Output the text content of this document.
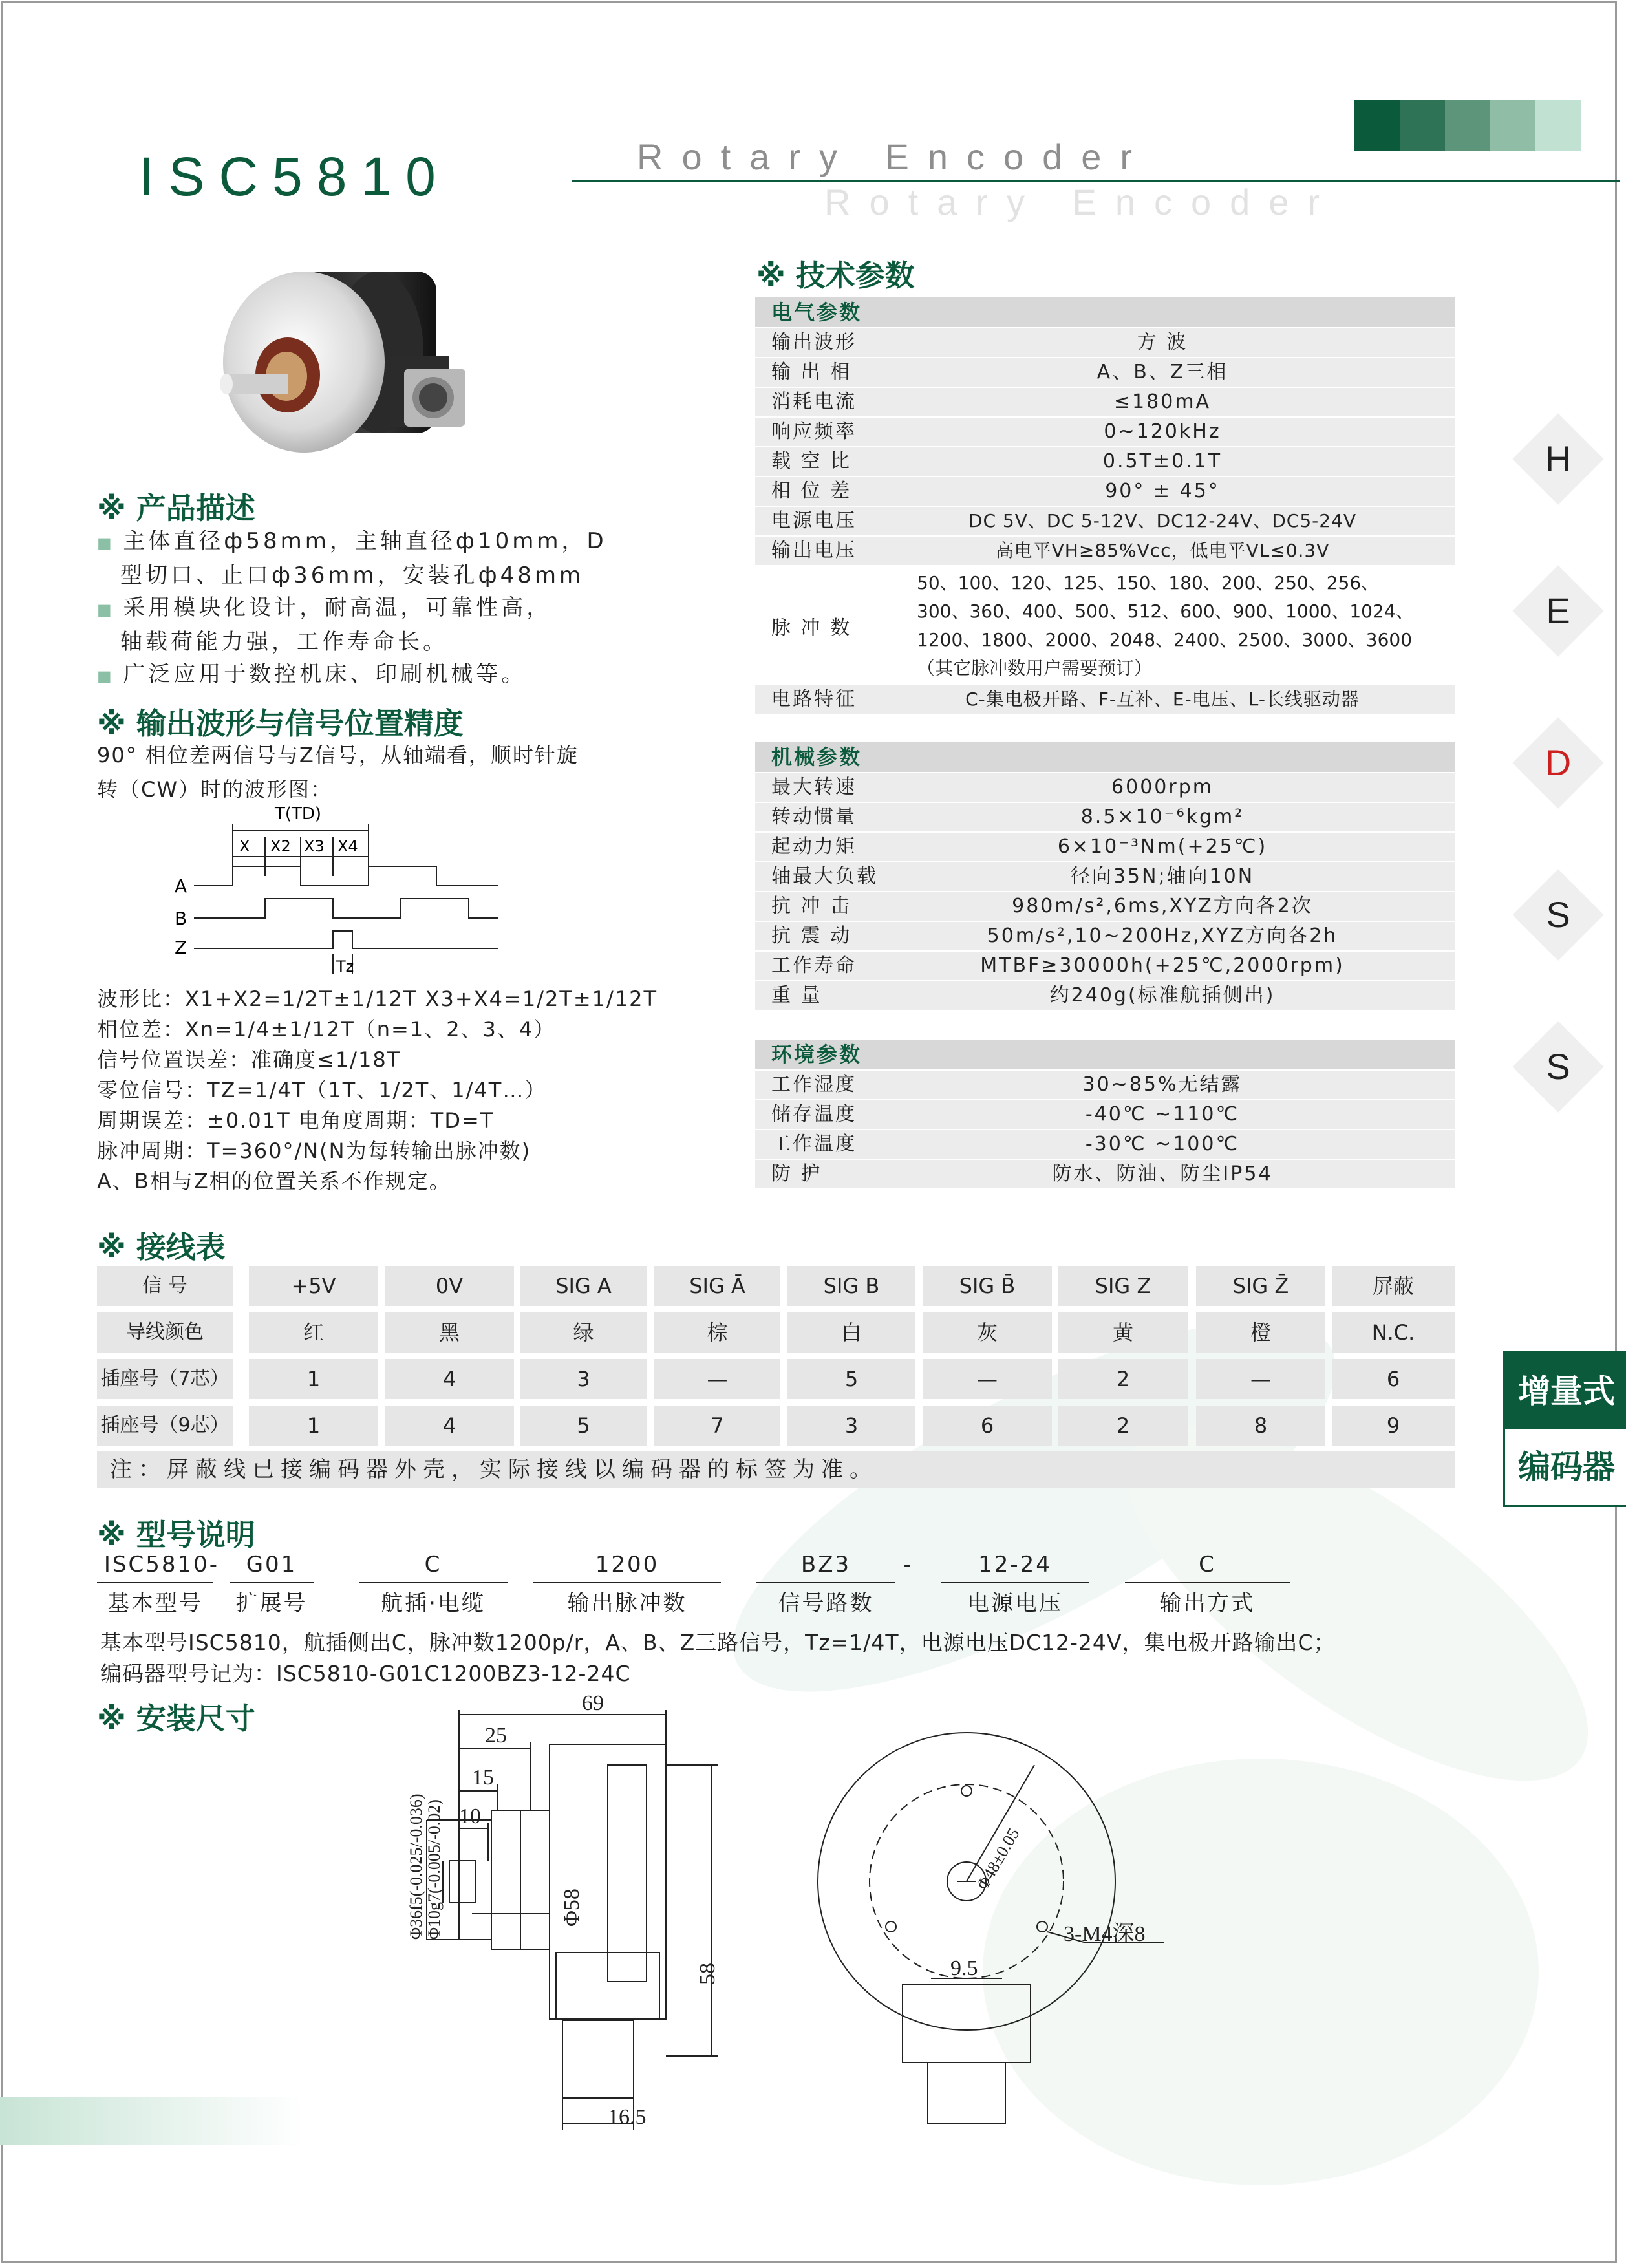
ISC5810	Rotary Encoder
Rotary Encoder
H
E
D
S
S
增量式
编码器
※ 产品描述
■ 主体直径ф58mm，主轴直径ф10mm，D
型切口、止口ф36mm，安装孔ф48mm
■ 采用模块化设计，耐高温，可靠性高，
轴载荷能力强，工作寿命长。
■ 广泛应用于数控机床、印刷机械等。
※ 输出波形与信号位置精度
90° 相位差两信号与Z信号，从轴端看，顺时针旋
转（CW）时的波形图：
T(TD)
X X2 X3 X4
A
B
Z
Tz
波形比：X1+X2=1/2T±1/12T X3+X4=1/2T±1/12T
相位差：Xn=1/4±1/12T（n=1、2、3、4）
信号位置误差：准确度≤1/18T
零位信号：TZ=1/4T（1T、1/2T、1/4T…）
周期误差：±0.01T 电角度周期：TD=T
脉冲周期：T=360°/N(N为每转输出脉冲数)
A、B相与Z相的位置关系不作规定。
※ 技术参数
电气参数
输出波形	方 波
输 出 相	A、B、Z三相
消耗电流	≤180mA
响应频率	0~120kHz
载 空 比	0.5T±0.1T
相 位 差	90° ± 45°
电源电压	DC 5V、DC 5-12V、DC12-24V、DC5-24V
输出电压	高电平VH≥85%Vcc，低电平VL≤0.3V
脉 冲 数
50、100、120、125、150、180、200、250、256、
300、360、400、500、512、600、900、1000、1024、
1200、1800、2000、2048、2400、2500、3000、3600
（其它脉冲数用户需要预订）
电路特征	C-集电极开路、F-互补、E-电压、L-长线驱动器
机械参数
最大转速	6000rpm
转动惯量	8.5×10⁻⁶kgm²
起动力矩	6×10⁻³Nm(+25℃)
轴最大负载	径向35N;轴向10N
抗 冲 击	980m/s²,6ms,XYZ方向各2次
抗 震 动	50m/s²,10~200Hz,XYZ方向各2h
工作寿命	MTBF≥30000h(+25℃,2000rpm)
重 量	约240g(标准航插侧出)
环境参数
工作湿度	30~85%无结露
储存温度	-40℃ ~110℃
工作温度	-30℃ ~100℃
防 护	防水、防油、防尘IP54
※ 接线表
信 号	+5V	0V	SIG A	SIG Ā	SIG B	SIG B̄	SIG Z	SIG Z̄	屏蔽
导线颜色	红	黑	绿	棕	白	灰	黄	橙	N.C.
插座号（7芯）	1	4	3	—	5	—	2	—	6
插座号（9芯）	1	4	5	7	3	6	2	8	9
注：屏蔽线已接编码器外壳，实际接线以编码器的标签为准。
※ 型号说明
ISC5810-
基本型号
G01
扩展号
C
航插·电缆
1200
输出脉冲数
BZ3
信号路数
-	12-24
电源电压
C
输出方式
基本型号ISC5810，航插侧出C，脉冲数1200p/r，A、B、Z三路信号，Tz=1/4T，电源电压DC12-24V，集电极开路输出C；
编码器型号记为：ISC5810-G01C1200BZ3-12-24C
※ 安装尺寸	69
25
15
10
16.5
9.5
3-M4深8
58
Φ58
Φ36f5(-0.025/-0.036) Φ10g7(-0.005/-0.02)	Φ48±0.05
